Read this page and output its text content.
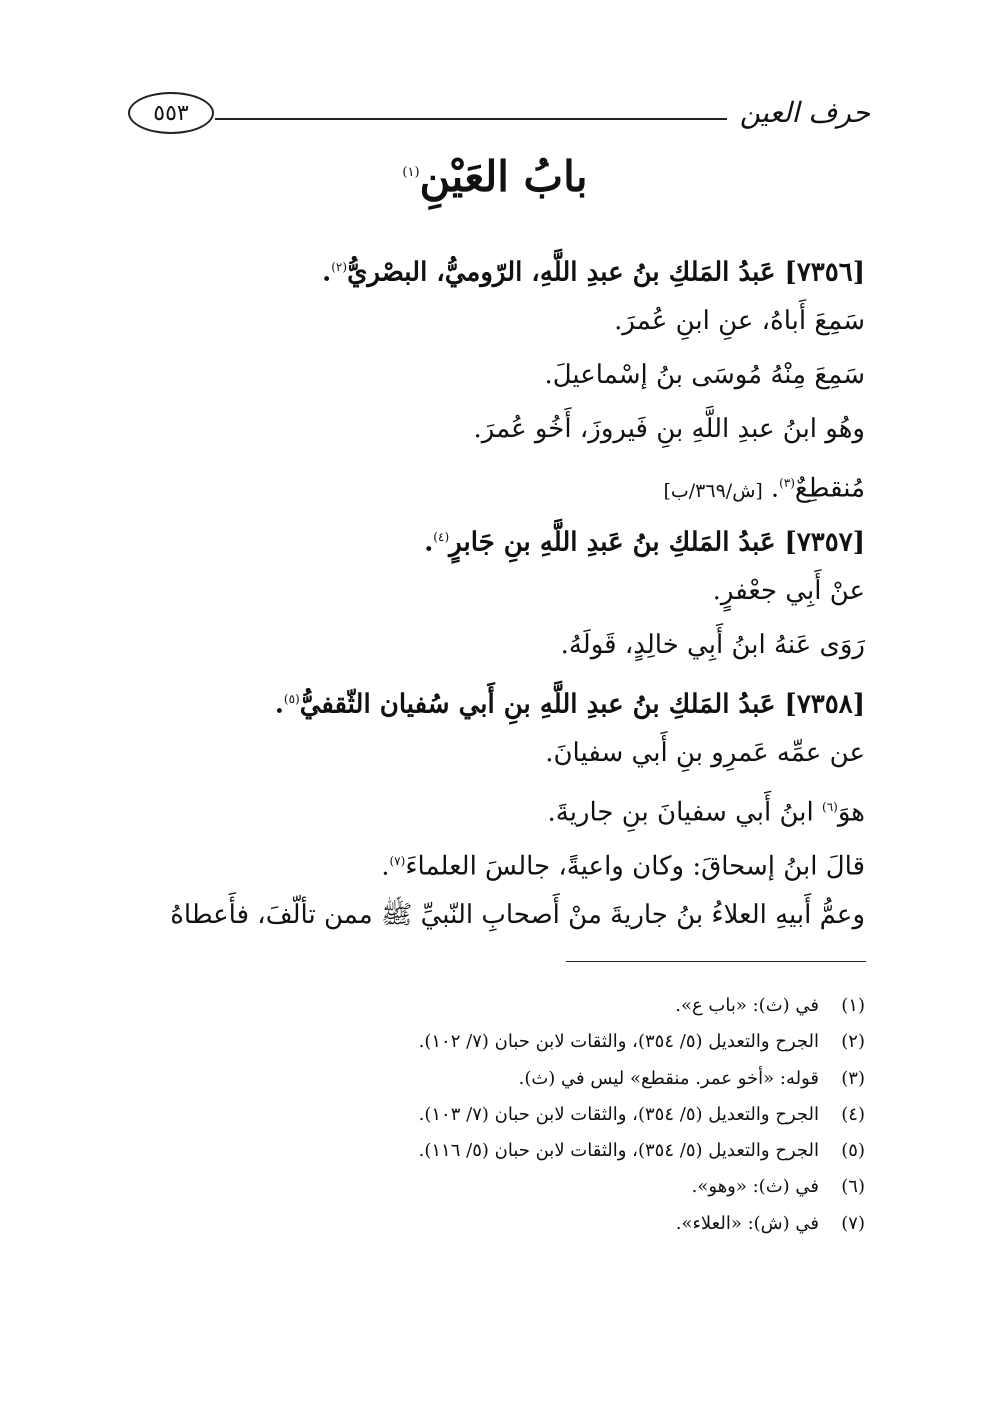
حرف العين
٥٥٣
بابُ العَيْنِ$^{(١)}$
[٧٣٥٦] عَبدُ المَلكِ بنُ عبدِ اللَّهِ، الرّوميُّ، البصْريُّ$^{(٢)}$.
سَمِعَ أَباهُ، عنِ ابنِ عُمرَ.
سَمِعَ مِنْهُ مُوسَى بنُ إسْماعيلَ.
وهُو ابنُ عبدِ اللَّهِ بنِ فَيروزَ، أَخُو عُمرَ.
مُنقطِعٌ$^{(٣)}$.[ش/٣٦٩/ب]
[٧٣٥٧] عَبدُ المَلكِ بنُ عَبدِ اللَّهِ بنِ جَابرٍ$^{(٤)}$.
عنْ أَبِي جعْفرٍ.
رَوَى عَنهُ ابنُ أَبِي خالِدٍ، قَولَهُ.
[٧٣٥٨] عَبدُ المَلكِ بنُ عبدِ اللَّهِ بنِ أَبي سُفيان الثّقفيُّ$^{(٥)}$.
عن عمِّه عَمرِو بنِ أَبي سفيانَ.
هوَ$^{(٦)}$ ابنُ أَبي سفيانَ بنِ جاريةَ.
قالَ ابنُ إسحاقَ: وكان واعيةً، جالسَ العلماءَ$^{(٧)}$.
وعمُّ أَبيهِ العلاءُ بنُ جاريةَ منْ أَصحابِ النّبيِّ ﷺ ممن تألّفَ، فأَعطاهُ
(١)في (ث): «باب ع».
(٢)الجرح والتعديل (٥/ ٣٥٤)، والثقات لابن حبان (٧/ ١٠٢).
(٣)قوله: «أخو عمر. منقطع» ليس في (ث).
(٤)الجرح والتعديل (٥/ ٣٥٤)، والثقات لابن حبان (٧/ ١٠٣).
(٥)الجرح والتعديل (٥/ ٣٥٤)، والثقات لابن حبان (٥/ ١١٦).
(٦)في (ث): «وهو».
(٧)في (ش): «العلاء».
